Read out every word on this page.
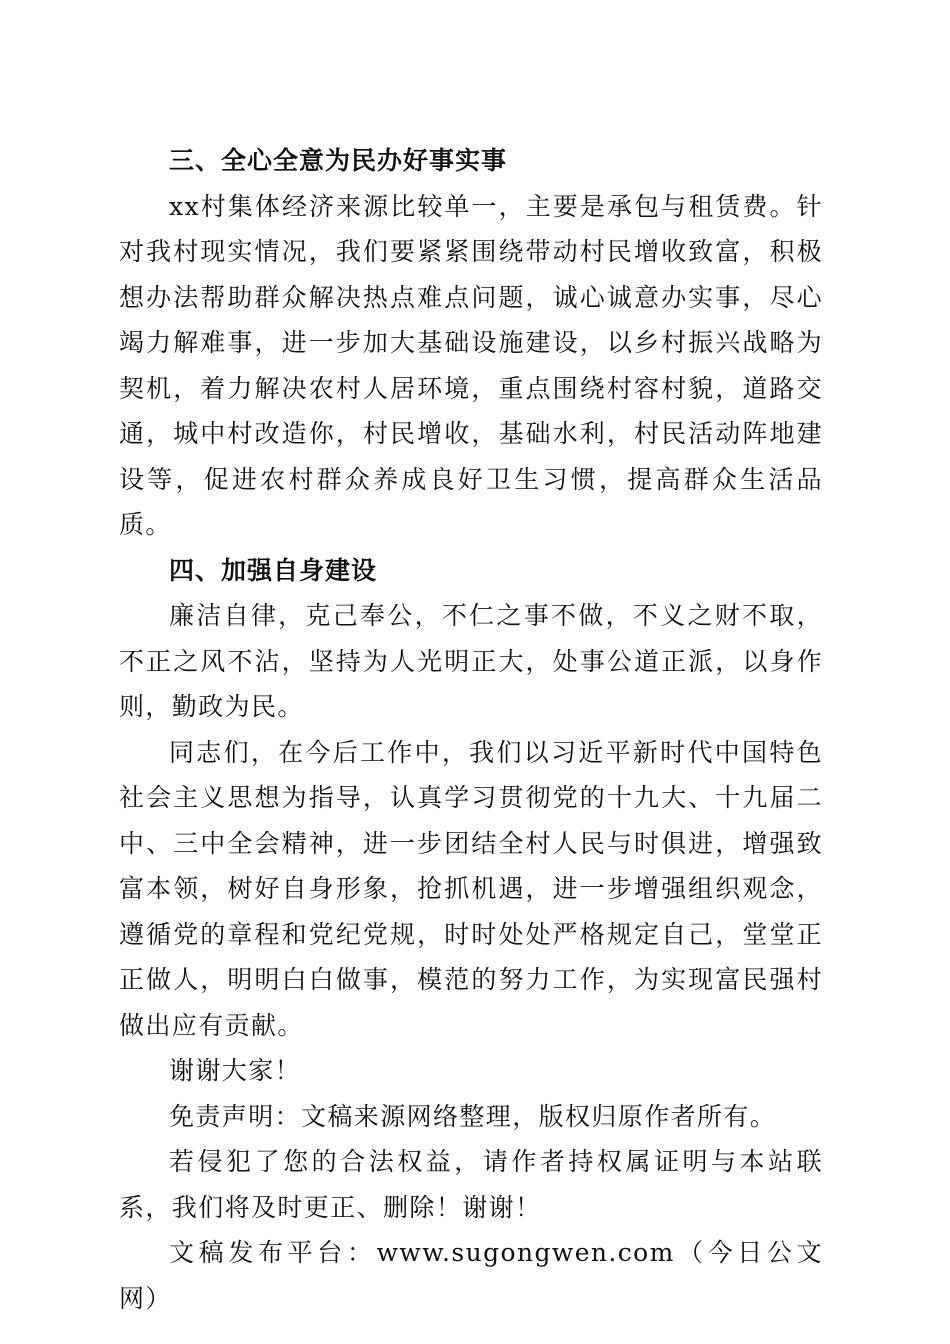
三、全心全意为民办好事实事

xx村集体经济来源比较单一，主要是承包与租赁费。针对我村现实情况，我们要紧紧围绕带动村民增收致富，积极想办法帮助群众解决热点难点问题，诚心诚意办实事，尽心竭力解难事，进一步加大基础设施建设，以乡村振兴战略为契机，着力解决农村人居环境，重点围绕村容村貌，道路交通，城中村改造你，村民增收，基础水利，村民活动阵地建设等，促进农村群众养成良好卫生习惯，提高群众生活品质。

四、加强自身建设

廉洁自律，克己奉公，不仁之事不做，不义之财不取，不正之风不沾，坚持为人光明正大，处事公道正派，以身作则，勤政为民。

同志们，在今后工作中，我们以习近平新时代中国特色社会主义思想为指导，认真学习贯彻党的十九大、十九届二中、三中全会精神，进一步团结全村人民与时俱进，增强致富本领，树好自身形象，抢抓机遇，进一步增强组织观念，遵循党的章程和党纪党规，时时处处严格规定自己，堂堂正正做人，明明白白做事，模范的努力工作，为实现富民强村做出应有贡献。

谢谢大家！

免责声明：文稿来源网络整理，版权归原作者所有。

若侵犯了您的合法权益，请作者持权属证明与本站联系，我们将及时更正、删除！谢谢！

文稿发布平台：www.sugongwen.com（今日公文网）
